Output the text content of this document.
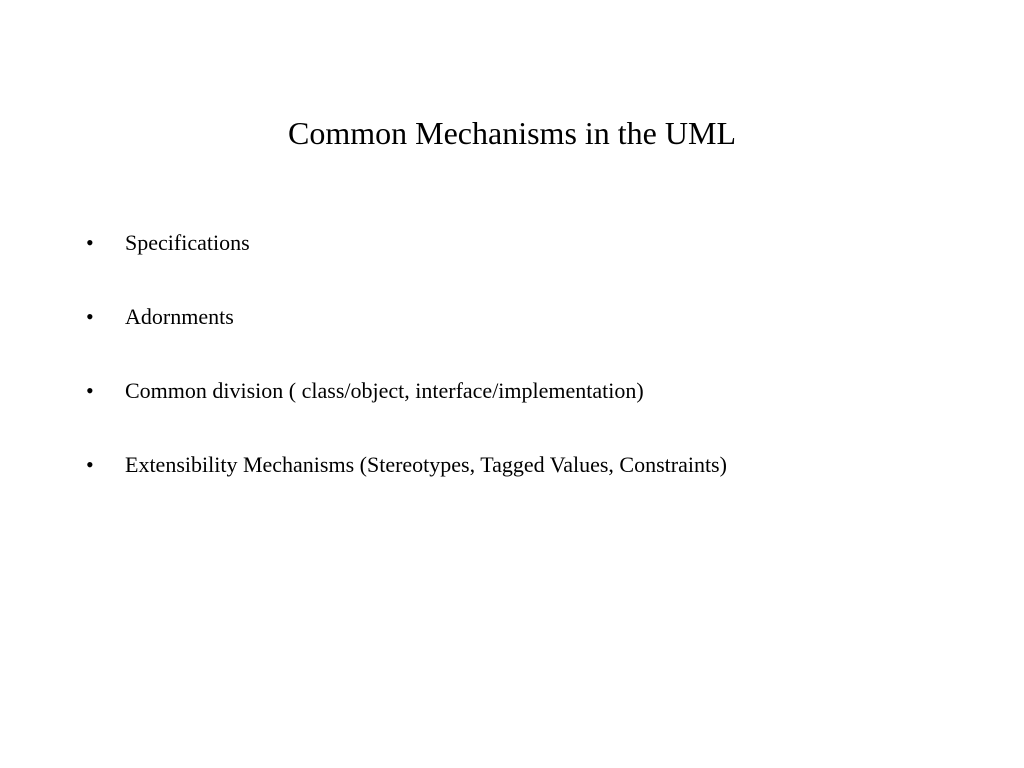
Common Mechanisms in the UML
• Specifications
• Adornments
• Common division ( class/object, interface/implementation)
• Extensibility Mechanisms (Stereotypes, Tagged Values, Constraints)
